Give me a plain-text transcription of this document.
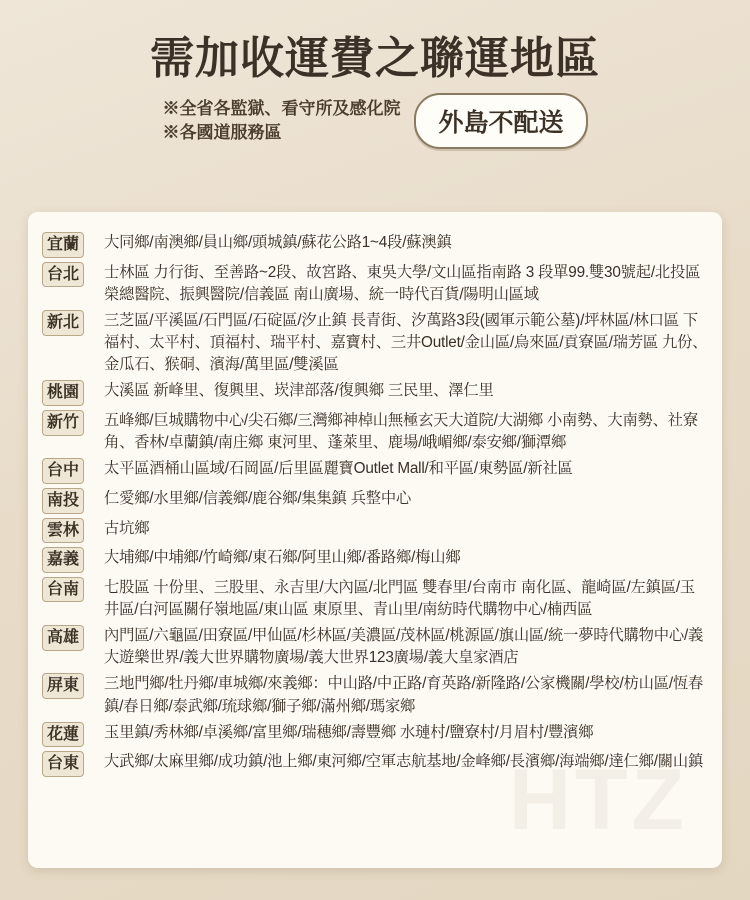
需加收運費之聯運地區
※全省各監獄、看守所及感化院
※各國道服務區	外島不配送
HTZ
宜蘭	大同鄉/南澳鄉/員山鄉/頭城鎮/蘇花公路1~4段/蘇澳鎮
台北	士林區 力行街、至善路~2段、故宮路、東吳大學/文山區指南路 3 段單99.雙30號起/北投區 榮總醫院、振興醫院/信義區 南山廣場、統一時代百貨/陽明山區域
新北	三芝區/平溪區/石門區/石碇區/汐止鎮 長青街、汐萬路3段(國軍示範公墓)/坪林區/林口區 下福村、太平村、頂福村、瑞平村、嘉寶村、三井Outlet/金山區/烏來區/貢寮區/瑞芳區 九份、金瓜石、猴硐、濱海/萬里區/雙溪區
桃園	大溪區 新峰里、復興里、崁津部落/復興鄉 三民里、澤仁里
新竹	五峰鄉/巨城購物中心/尖石鄉/三灣鄉神棹山無極玄天大道院/大湖鄉 小南勢、大南勢、社寮角、香林/卓蘭鎮/南庄鄉 東河里、蓬萊里、鹿場/峨嵋鄉/泰安鄉/獅潭鄉
台中	太平區酒桶山區域/石岡區/后里區麗寶Outlet Mall/和平區/東勢區/新社區
南投	仁愛鄉/水里鄉/信義鄉/鹿谷鄉/集集鎮 兵整中心
雲林	古坑鄉
嘉義	大埔鄉/中埔鄉/竹崎鄉/東石鄉/阿里山鄉/番路鄉/梅山鄉
台南	七股區 十份里、三股里、永吉里/大內區/北門區 雙春里/台南市 南化區、龍崎區/左鎮區/玉井區/白河區關仔嶺地區/東山區 東原里、青山里/南紡時代購物中心/楠西區
高雄	內門區/六龜區/田寮區/甲仙區/杉林區/美濃區/茂林區/桃源區/旗山區/統一夢時代購物中心/義大遊樂世界/義大世界購物廣場/義大世界123廣場/義大皇家酒店
屏東	三地門鄉/牡丹鄉/車城鄉/來義鄉：中山路/中正路/育英路/新隆路/公家機關/學校/枋山區/恆春鎮/春日鄉/泰武鄉/琉球鄉/獅子鄉/滿州鄉/瑪家鄉
花蓮	玉里鎮/秀林鄉/卓溪鄉/富里鄉/瑞穗鄉/壽豐鄉 水璉村/鹽寮村/月眉村/豐濱鄉
台東	大武鄉/太麻里鄉/成功鎮/池上鄉/東河鄉/空軍志航基地/金峰鄉/長濱鄉/海端鄉/達仁鄉/關山鎮
